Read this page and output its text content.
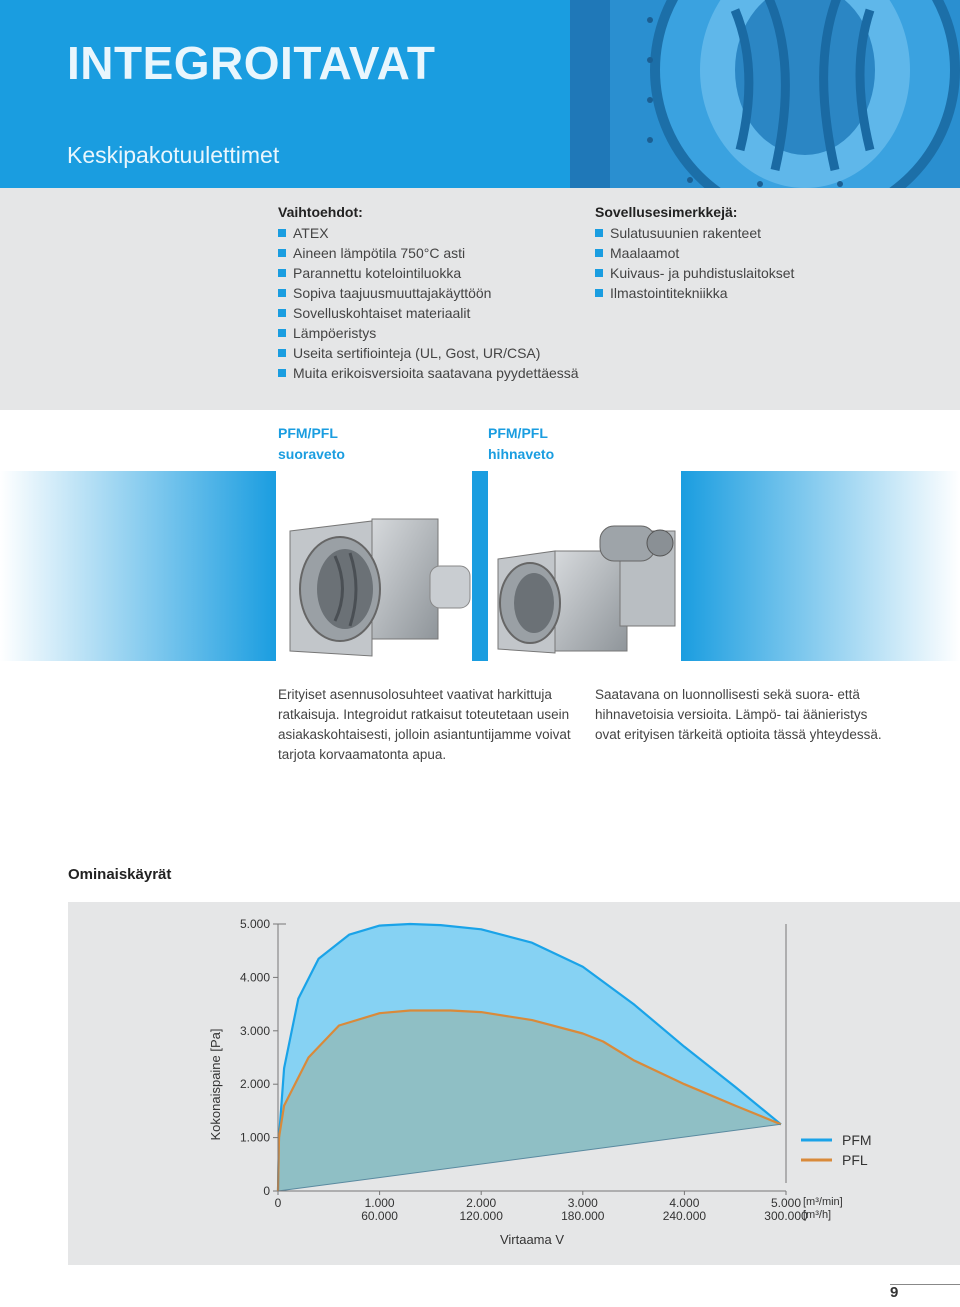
INTEGROITAVAT
Keskipakotuulettimet
Vaihtoehdot:
ATEX
Aineen lämpötila 750°C asti
Parannettu kotelointiluokka
Sopiva taajuusmuuttajakäyttöön
Sovelluskohtaiset materiaalit
Lämpöeristys
Useita sertifiointeja (UL, Gost, UR/CSA)
Muita erikoisversioita saatavana pyydettäessä
Sovellusesimerkkejä:
Sulatusuunien rakenteet
Maalaamot
Kuivaus- ja puhdistuslaitokset
Ilmastointitekniikka
PFM/PFL
suoraveto
PFM/PFL
hihnaveto
Erityiset asennusolosuhteet vaativat harkittuja
ratkaisuja. Integroidut ratkaisut toteutetaan usein
asiakaskohtaisesti, jolloin asiantuntijamme voivat
tarjota korvaamatonta apua.
Saatavana on luonnollisesti sekä suora- että
hihnavetoisia versioita. Lämpö- tai äänieristys
ovat erityisen tärkeitä optioita tässä yhteydessä.
Ominaiskäyrät
0
1.000
2.000
3.000
4.000
5.000
0	1.000
60.000
2.000
120.000
3.000
180.000
4.000
240.000
5.000
300.000
Kokonaispaine [Pa]
Virtaama V
[m³/min]
[m³/h]
PFM
PFL
9
